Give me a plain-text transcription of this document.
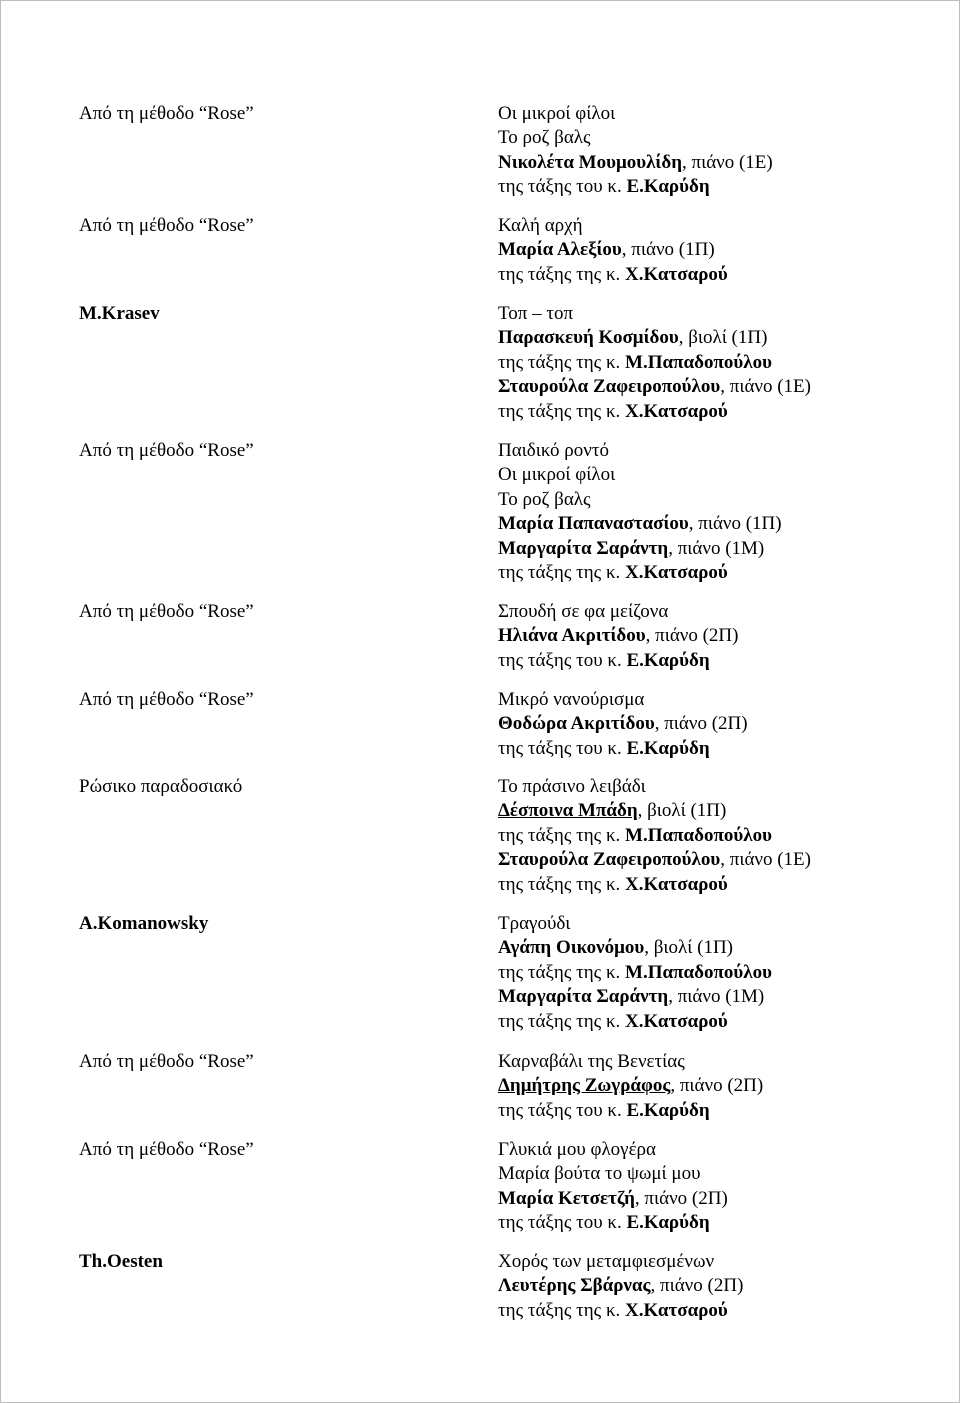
Από τη μέθοδο “Rose”	Οι μικροί φίλοι
Το ροζ βαλς
Νικολέτα Μουμουλίδη, πιάνο (1Ε)
της τάξης του κ. Ε.Καρύδη
Από τη μέθοδο “Rose”	Καλή αρχή
Μαρία Αλεξίου, πιάνο (1Π)
της τάξης της κ. Χ.Κατσαρού
M.Krasev	Τοπ – τοπ
Παρασκευή Κοσμίδου, βιολί (1Π)
της τάξης της κ. Μ.Παπαδοπούλου
Σταυρούλα Ζαφειροπούλου, πιάνο (1Ε)
της τάξης της κ. Χ.Κατσαρού
Από τη μέθοδο “Rose”	Παιδικό ροντό
Οι μικροί φίλοι
Το ροζ βαλς
Μαρία Παπαναστασίου, πιάνο (1Π)
Μαργαρίτα Σαράντη, πιάνο (1Μ)
της τάξης της κ. Χ.Κατσαρού
Από τη μέθοδο “Rose”	Σπουδή σε φα μείζονα
Ηλιάνα Ακριτίδου, πιάνο (2Π)
της τάξης του κ. Ε.Καρύδη
Από τη μέθοδο “Rose”	Μικρό νανούρισμα
Θοδώρα Ακριτίδου, πιάνο (2Π)
της τάξης του κ. Ε.Καρύδη
Ρώσικο παραδοσιακό	Το πράσινο λειβάδι
Δέσποινα Μπάδη, βιολί (1Π)
της τάξης της κ. Μ.Παπαδοπούλου
Σταυρούλα Ζαφειροπούλου, πιάνο (1Ε)
της τάξης της κ. Χ.Κατσαρού
A.Komanowsky	Τραγούδι
Αγάπη Οικονόμου, βιολί (1Π)
της τάξης της κ. Μ.Παπαδοπούλου
Μαργαρίτα Σαράντη, πιάνο (1Μ)
της τάξης της κ. Χ.Κατσαρού
Από τη μέθοδο “Rose”	Καρναβάλι της Βενετίας
Δημήτρης Ζωγράφος, πιάνο (2Π)
της τάξης του κ. Ε.Καρύδη
Από τη μέθοδο “Rose”	Γλυκιά μου φλογέρα
Μαρία βούτα το ψωμί μου
Μαρία Κετσετζή, πιάνο (2Π)
της τάξης του κ. Ε.Καρύδη
Th.Oesten	Χορός των μεταμφιεσμένων
Λευτέρης Σβάρνας, πιάνο (2Π)
της τάξης της κ. Χ.Κατσαρού
